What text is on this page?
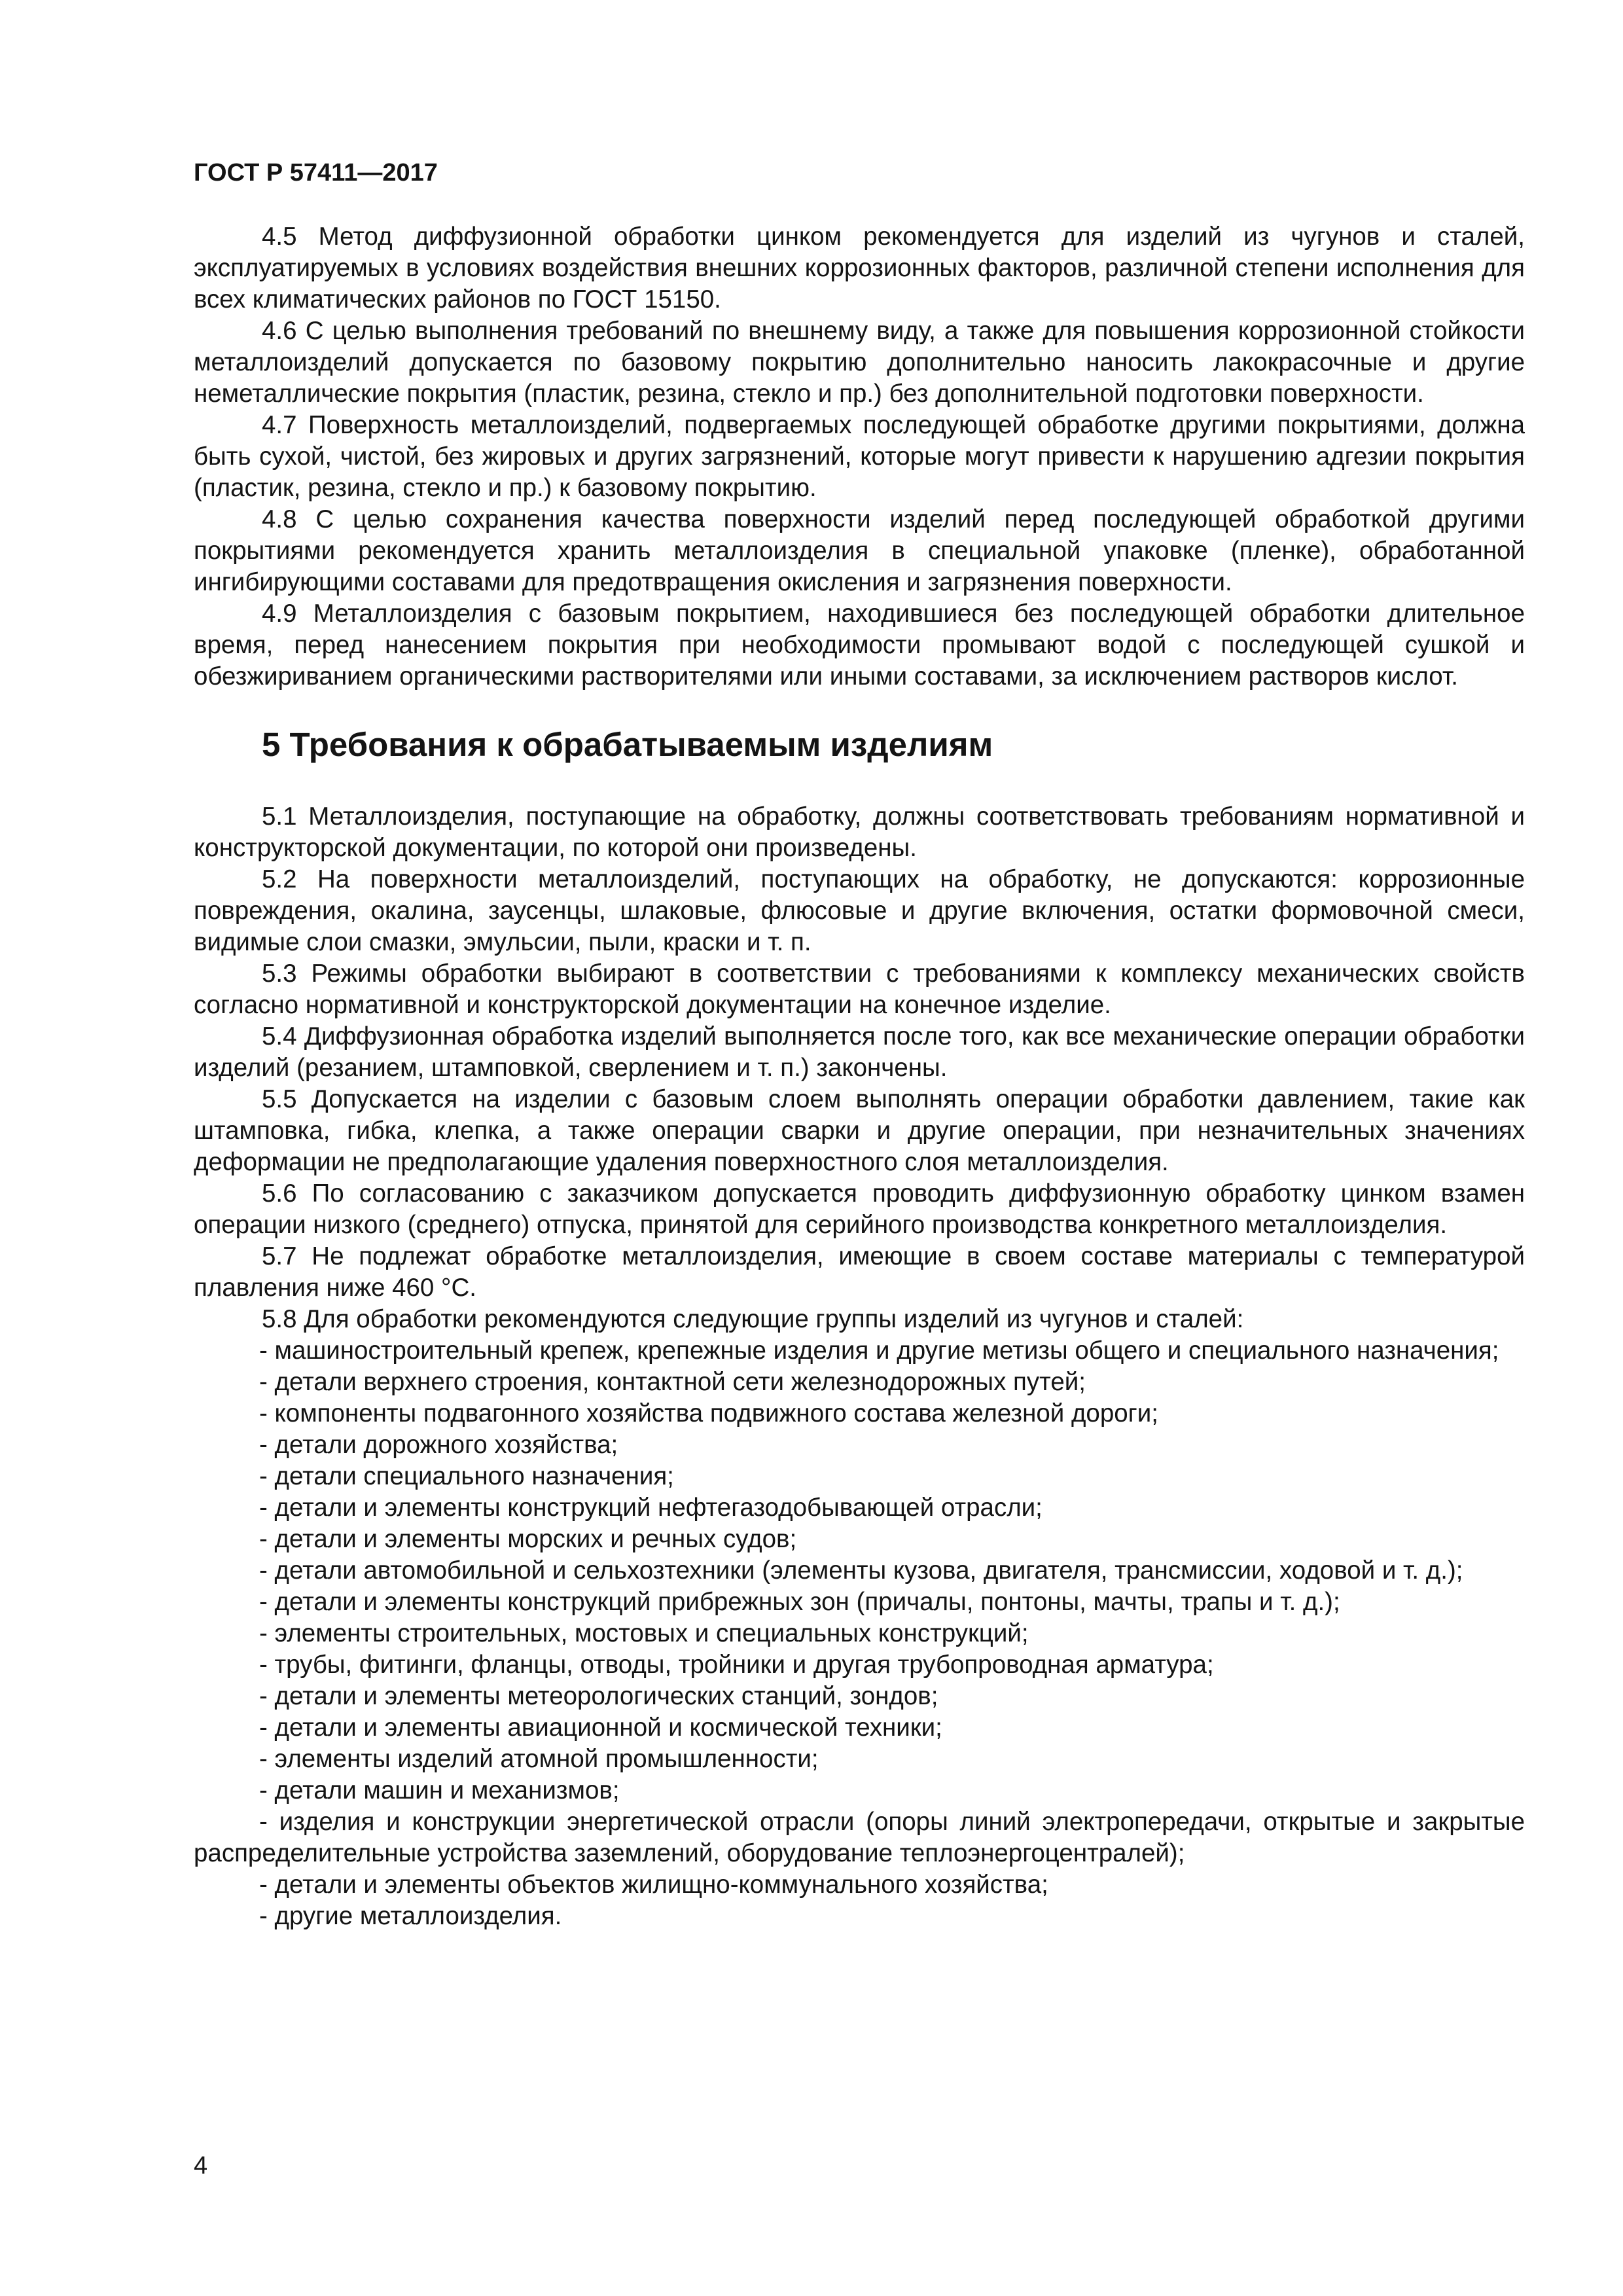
ГОСТ Р 57411—2017

4.5 Метод диффузионной обработки цинком рекомендуется для изделий из чугунов и сталей, эксплуатируемых в условиях воздействия внешних коррозионных факторов, различной степени исполнения для всех климатических районов по ГОСТ 15150.

4.6 С целью выполнения требований по внешнему виду, а также для повышения коррозионной стойкости металлоизделий допускается по базовому покрытию дополнительно наносить лакокрасочные и другие неметаллические покрытия (пластик, резина, стекло и пр.) без дополнительной подготовки поверхности.

4.7 Поверхность металлоизделий, подвергаемых последующей обработке другими покрытиями, должна быть сухой, чистой, без жировых и других загрязнений, которые могут привести к нарушению адгезии покрытия (пластик, резина, стекло и пр.) к базовому покрытию.

4.8 С целью сохранения качества поверхности изделий перед последующей обработкой другими покрытиями рекомендуется хранить металлоизделия в специальной упаковке (пленке), обработанной ингибирующими составами для предотвращения окисления и загрязнения поверхности.

4.9 Металлоизделия с базовым покрытием, находившиеся без последующей обработки длительное время, перед нанесением покрытия при необходимости промывают водой с последующей сушкой и обезжириванием органическими растворителями или иными составами, за исключением растворов кислот.

5 Требования к обрабатываемым изделиям

5.1 Металлоизделия, поступающие на обработку, должны соответствовать требованиям нормативной и конструкторской документации, по которой они произведены.

5.2 На поверхности металлоизделий, поступающих на обработку, не допускаются: коррозионные повреждения, окалина, заусенцы, шлаковые, флюсовые и другие включения, остатки формовочной смеси, видимые слои смазки, эмульсии, пыли, краски и т. п.

5.3 Режимы обработки выбирают в соответствии с требованиями к комплексу механических свойств согласно нормативной и конструкторской документации на конечное изделие.

5.4 Диффузионная обработка изделий выполняется после того, как все механические операции обработки изделий (резанием, штамповкой, сверлением и т. п.) закончены.

5.5 Допускается на изделии с базовым слоем выполнять операции обработки давлением, такие как штамповка, гибка, клепка, а также операции сварки и другие операции, при незначительных значениях деформации не предполагающие удаления поверхностного слоя металлоизделия.

5.6 По согласованию с заказчиком допускается проводить диффузионную обработку цинком взамен операции низкого (среднего) отпуска, принятой для серийного производства конкретного металлоизделия.

5.7 Не подлежат обработке металлоизделия, имеющие в своем составе материалы с температурой плавления ниже 460 °С.

5.8 Для обработки рекомендуются следующие группы изделий из чугунов и сталей:

- машиностроительный крепеж, крепежные изделия и другие метизы общего и специального назначения;

- детали верхнего строения, контактной сети железнодорожных путей;

- компоненты подвагонного хозяйства подвижного состава железной дороги;

- детали дорожного хозяйства;

- детали специального назначения;

- детали и элементы конструкций нефтегазодобывающей отрасли;

- детали и элементы морских и речных судов;

- детали автомобильной и сельхозтехники (элементы кузова, двигателя, трансмиссии, ходовой и т. д.);

- детали и элементы конструкций прибрежных зон (причалы, понтоны, мачты, трапы и т. д.);

- элементы строительных, мостовых и специальных конструкций;

- трубы, фитинги, фланцы, отводы, тройники и другая трубопроводная арматура;

- детали и элементы метеорологических станций, зондов;

- детали и элементы авиационной и космической техники;

- элементы изделий атомной промышленности;

- детали машин и механизмов;

- изделия и конструкции энергетической отрасли (опоры линий электропередачи, открытые и закрытые распределительные устройства заземлений, оборудование теплоэнергоцентралей);

- детали и элементы объектов жилищно-коммунального хозяйства;

- другие металлоизделия.

4
